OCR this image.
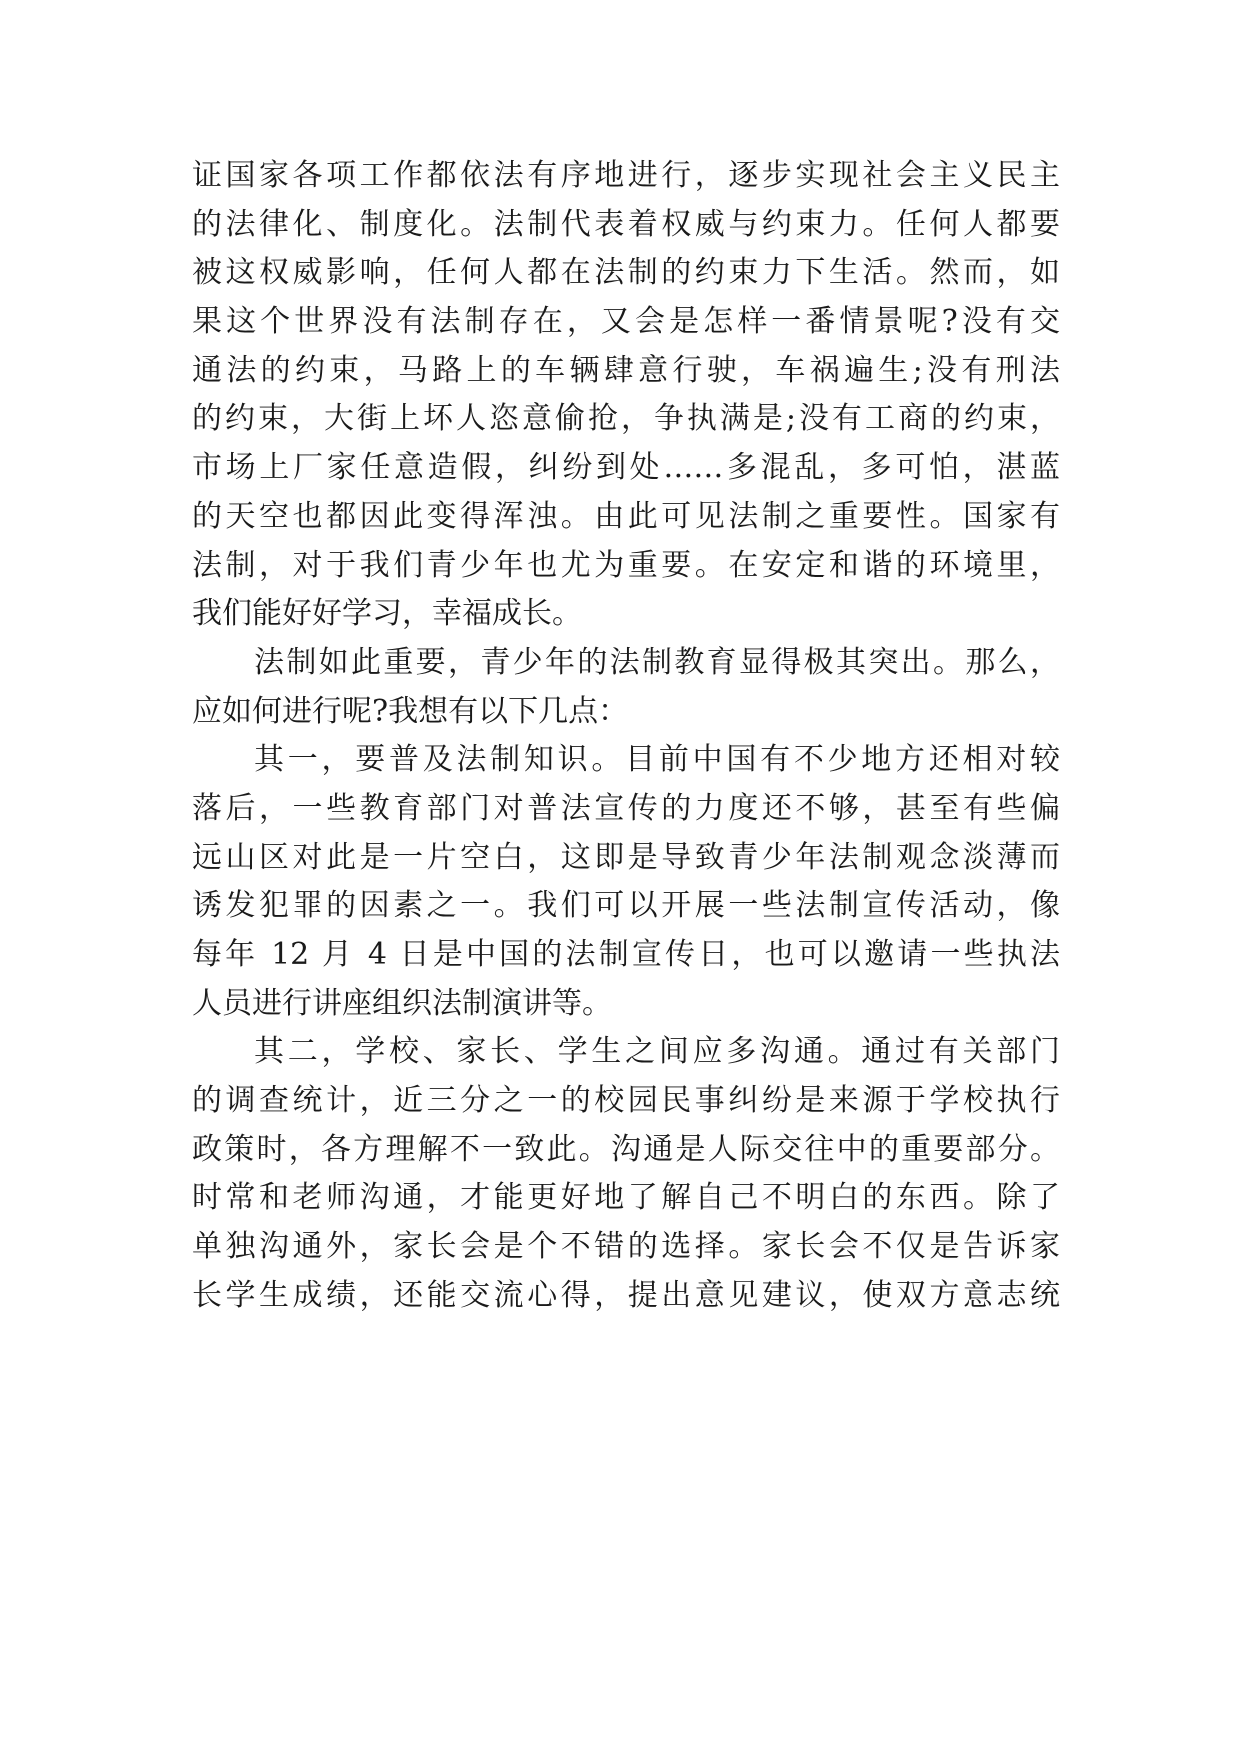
证国家各项工作都依法有序地进行，逐步实现社会主义民主
的法律化、制度化。法制代表着权威与约束力。任何人都要
被这权威影响，任何人都在法制的约束力下生活。然而，如
果这个世界没有法制存在，又会是怎样一番情景呢?没有交
通法的约束，马路上的车辆肆意行驶，车祸遍生;没有刑法
的约束，大街上坏人恣意偷抢，争执满是;没有工商的约束，
市场上厂家任意造假，纠纷到处……多混乱，多可怕，湛蓝
的天空也都因此变得浑浊。由此可见法制之重要性。国家有
法制，对于我们青少年也尤为重要。在安定和谐的环境里，
我们能好好学习，幸福成长。
法制如此重要，青少年的法制教育显得极其突出。那么，
应如何进行呢?我想有以下几点：
其一，要普及法制知识。目前中国有不少地方还相对较
落后，一些教育部门对普法宣传的力度还不够，甚至有些偏
远山区对此是一片空白，这即是导致青少年法制观念淡薄而
诱发犯罪的因素之一。我们可以开展一些法制宣传活动，像
每年 12 月 4 日是中国的法制宣传日，也可以邀请一些执法
人员进行讲座组织法制演讲等。
其二，学校、家长、学生之间应多沟通。通过有关部门
的调查统计，近三分之一的校园民事纠纷是来源于学校执行
政策时，各方理解不一致此。沟通是人际交往中的重要部分。
时常和老师沟通，才能更好地了解自己不明白的东西。除了
单独沟通外，家长会是个不错的选择。家长会不仅是告诉家
长学生成绩，还能交流心得，提出意见建议，使双方意志统
